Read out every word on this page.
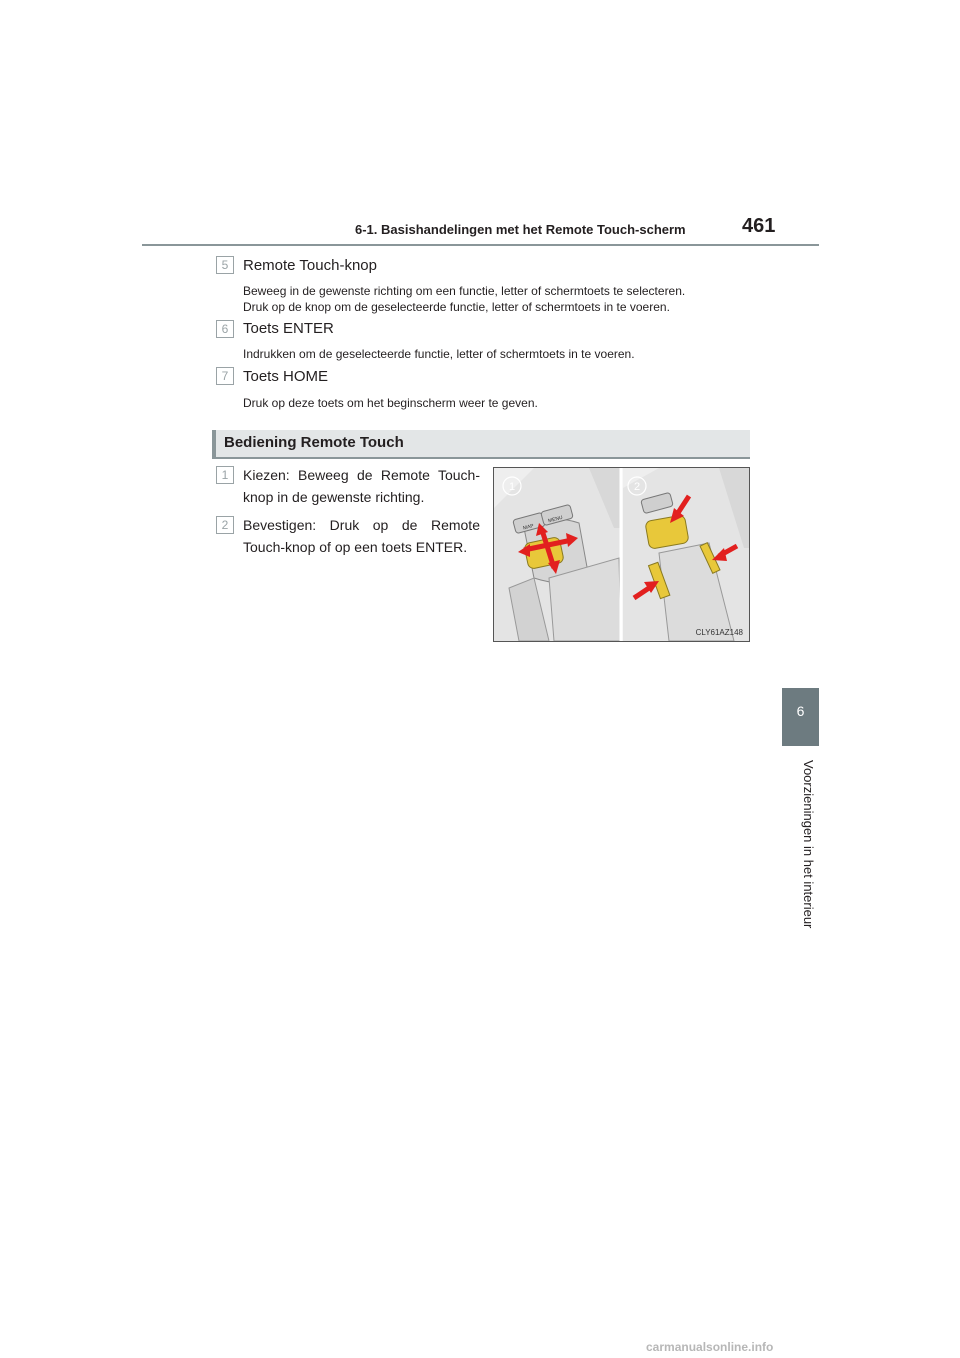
6-1. Basishandelingen met het Remote Touch-scherm	461
6
Voorzieningen in het interieur
5 Remote Touch-knop
Beweeg in de gewenste richting om een functie, letter of schermtoets te selecteren.
Druk op de knop om de geselecteerde functie, letter of schermtoets in te voeren.
6 Toets ENTER
Indrukken om de geselecteerde functie, letter of schermtoets in te voeren.
7 Toets HOME
Druk op deze toets om het beginscherm weer te geven.
Bediening Remote Touch
1	Kiezen: Beweeg de Remote Touch-knop in de gewenste richting.
2	Bevestigen: Druk op de Remote Touch-knop of op een toets ENTER.
MAP
MENU
1	2
CLY61AZ148
carmanualsonline.info
